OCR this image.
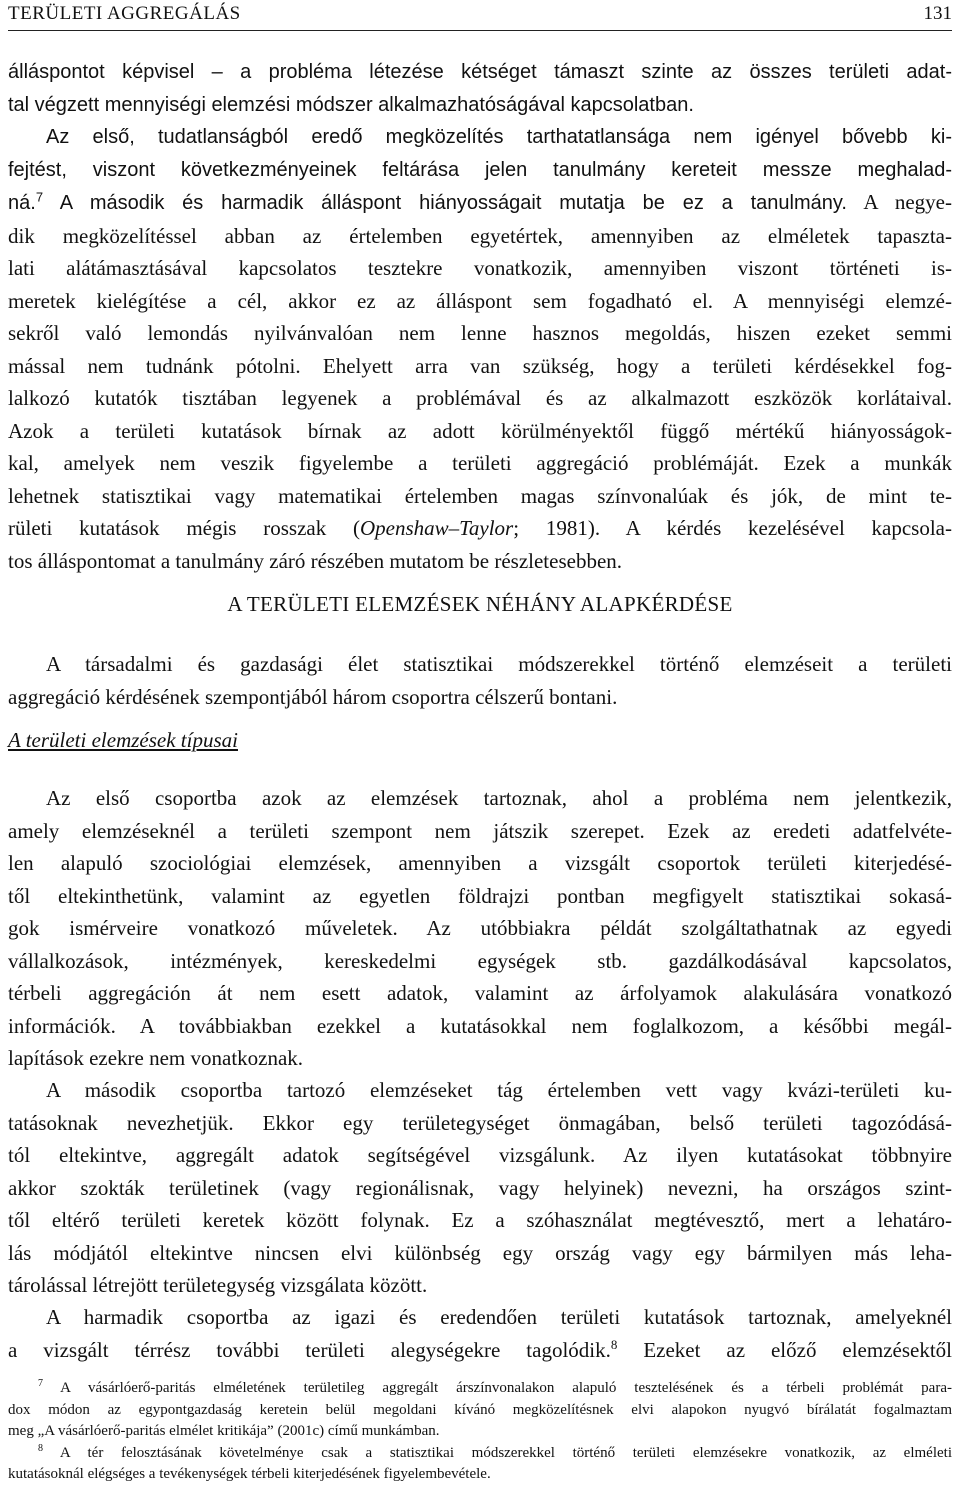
TERÜLETI AGGREGÁLÁS	131

álláspontot képvisel – a probléma létezése kétséget támaszt szinte az összes területi adat-
tal végzett mennyiségi elemzési módszer alkalmazhatóságával kapcsolatban.
Az első, tudatlanságból eredő megközelítés tarthatatlansága nem igényel bővebb ki-
fejtést, viszont következményeinek feltárása jelen tanulmány kereteit messze meghalad-
ná.$^7$ A második és harmadik álláspont hiányosságait mutatja be ez a tanulmány. A negye-

dik megközelítéssel abban az értelemben egyetértek, amennyiben az elméletek tapaszta-
lati alátámasztásával kapcsolatos tesztekre vonatkozik, amennyiben viszont történeti is-
meretek kielégítése a cél, akkor ez az álláspont sem fogadható el. A mennyiségi elemzé-
sekről való lemondás nyilvánvalóan nem lenne hasznos megoldás, hiszen ezeket semmi
mással nem tudnánk pótolni. Ehelyett arra van szükség, hogy a területi kérdésekkel fog-
lalkozó kutatók tisztában legyenek a problémával és az alkalmazott eszközök korlátaival.
Azok a területi kutatások bírnak az adott körülményektől függő mértékű hiányosságok-
kal, amelyek nem veszik figyelembe a területi aggregáció problémáját. Ezek a munkák
lehetnek statisztikai vagy matematikai értelemben magas színvonalúak és jók, de mint te-
rületi kutatások mégis rosszak (Openshaw–Taylor; 1981). A kérdés kezelésével kapcsola-
tos álláspontomat a tanulmány záró részében mutatom be részletesebben.

A TERÜLETI ELEMZÉSEK NÉHÁNY ALAPKÉRDÉSE

A társadalmi és gazdasági élet statisztikai módszerekkel történő elemzéseit a területi
aggregáció kérdésének szempontjából három csoportra célszerű bontani.

A területi elemzések típusai

Az első csoportba azok az elemzések tartoznak, ahol a probléma nem jelentkezik,
amely elemzéseknél a területi szempont nem játszik szerepet. Ezek az eredeti adatfelvéte-
len alapuló szociológiai elemzések, amennyiben a vizsgált csoportok területi kiterjedésé-
től eltekinthetünk, valamint az egyetlen földrajzi pontban megfigyelt statisztikai sokasá-
gok ismérveire vonatkozó műveletek. Az utóbbiakra példát szolgáltathatnak az egyedi
vállalkozások, intézmények, kereskedelmi egységek stb. gazdálkodásával kapcsolatos,
térbeli aggregáción át nem esett adatok, valamint az árfolyamok alakulására vonatkozó
információk. A továbbiakban ezekkel a kutatásokkal nem foglalkozom, a későbbi megál-
lapítások ezekre nem vonatkoznak.

A második csoportba tartozó elemzéseket tág értelemben vett vagy kvázi-területi ku-
tatásoknak nevezhetjük. Ekkor egy területegységet önmagában, belső területi tagozódásá-
tól eltekintve, aggregált adatok segítségével vizsgálunk. Az ilyen kutatásokat többnyire
akkor szokták területinek (vagy regionálisnak, vagy helyinek) nevezni, ha országos szint-
től eltérő területi keretek között folynak. Ez a szóhasználat megtévesztő, mert a lehatáro-
lás módjától eltekintve nincsen elvi különbség egy ország vagy egy bármilyen más leha-
tárolással létrejött területegység vizsgálata között.

A harmadik csoportba az igazi és eredendően területi kutatások tartoznak, amelyeknél
a vizsgált térrész további területi alegységekre tagolódik.$^8$ Ezeket az előző elemzésektől

$^7$ A vásárlóerő-paritás elméletének területileg aggregált árszínvonalakon alapuló tesztelésének és a térbeli problémát para-
dox módon az egypontgazdaság keretein belül megoldani kívánó megközelítésnek elvi alapokon nyugvó bírálatát fogalmaztam
meg „A vásárlóerő-paritás elmélet kritikája” (2001c) című munkámban.

$^8$ A tér felosztásának követelménye csak a statisztikai módszerekkel történő területi elemzésekre vonatkozik, az elméleti
kutatásoknál elégséges a tevékenységek térbeli kiterjedésének figyelembevétele.
